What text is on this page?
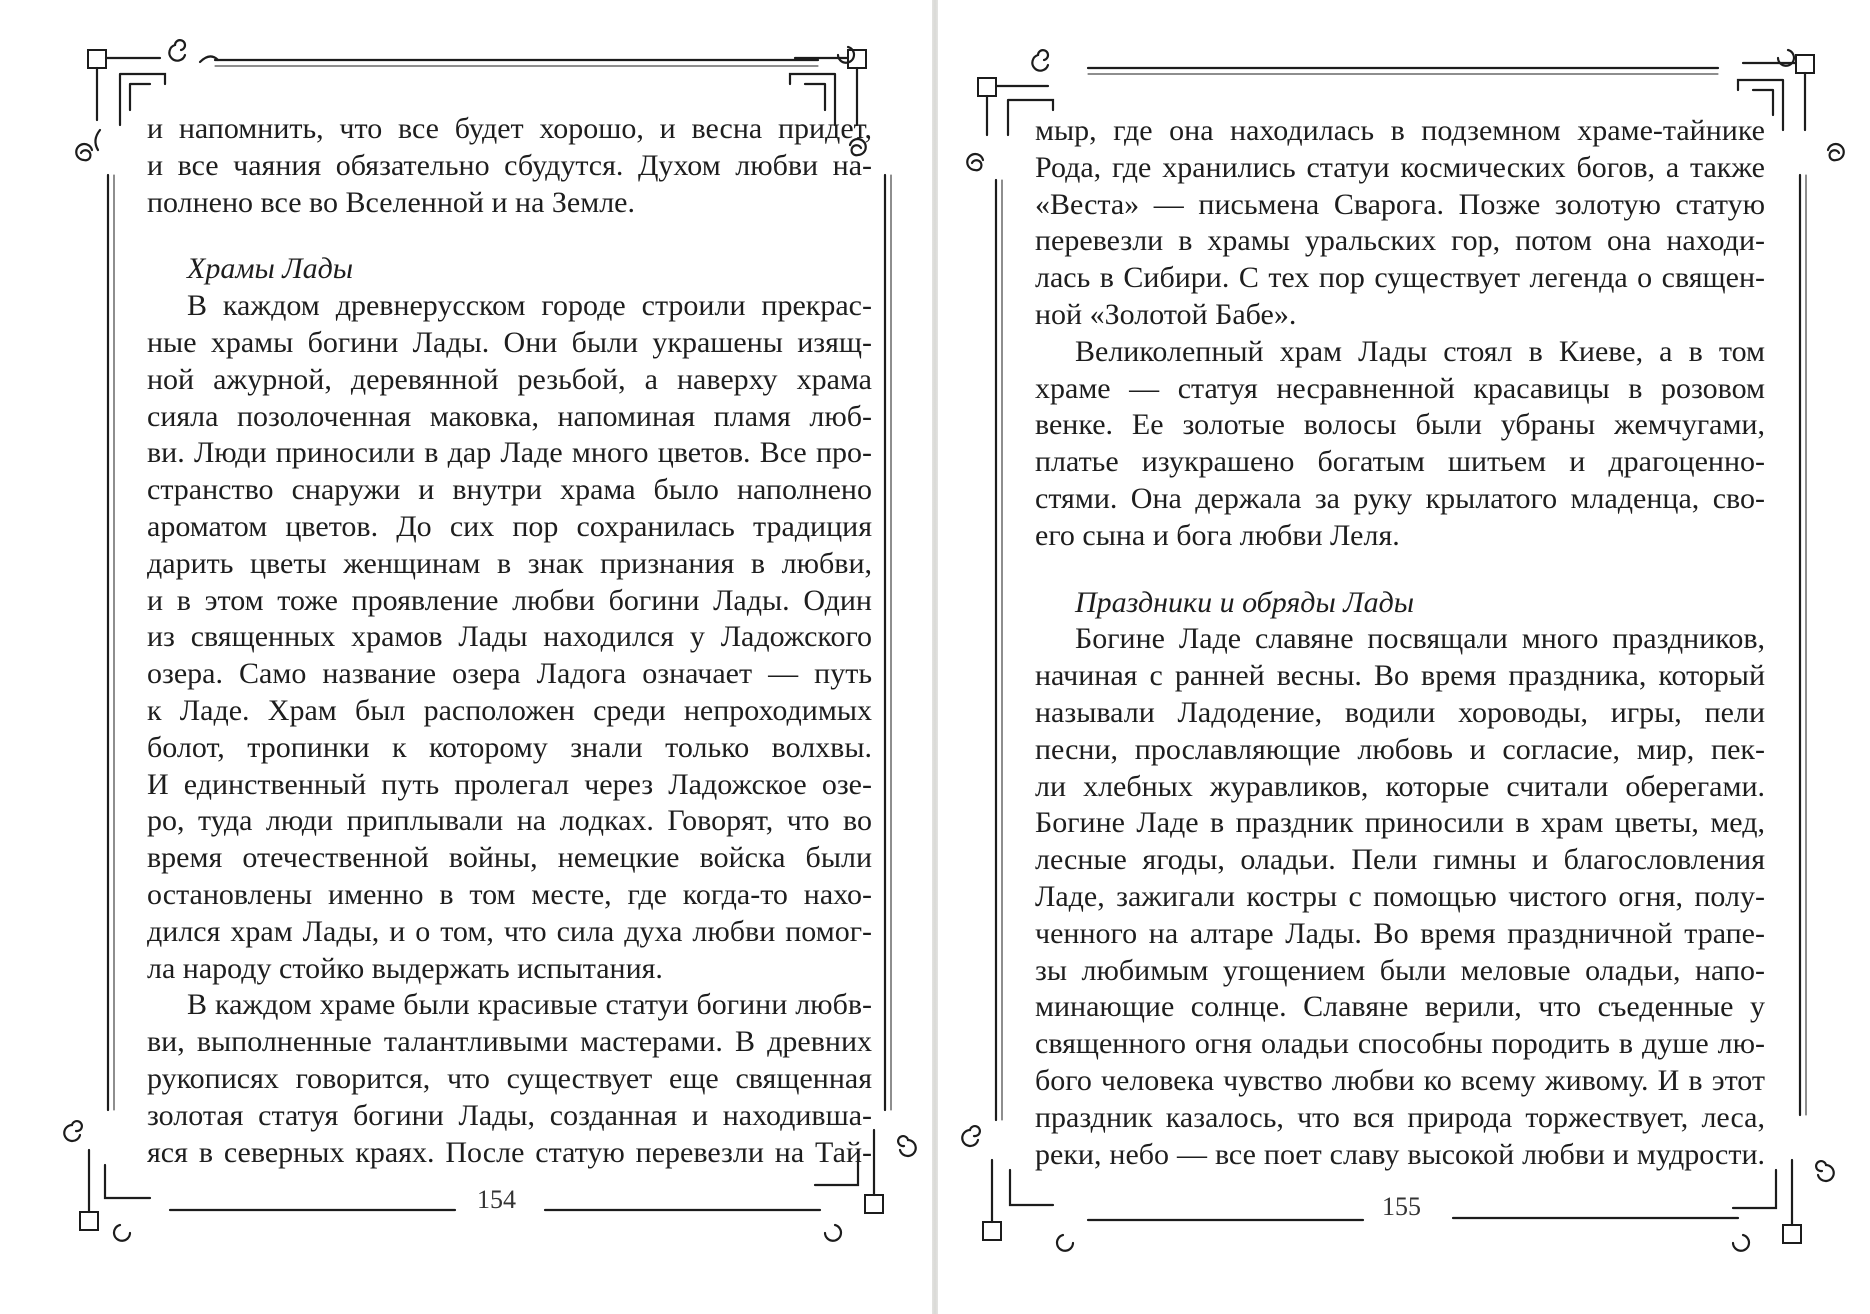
и напомнить, что все будет хорошо, и весна придет,

и все чаяния обязательно сбудутся. Духом любви на-

полнено все во Вселенной и на Земле.

Храмы Лады

В каждом древнерусском городе строили прекрас-

ные храмы богини Лады. Они были украшены изящ-

ной ажурной, деревянной резьбой, а наверху храма

сияла позолоченная маковка, напоминая пламя люб-

ви. Люди приносили в дар Ладе много цветов. Все про-

странство снаружи и внутри храма было наполнено

ароматом цветов. До сих пор сохранилась традиция

дарить цветы женщинам в знак признания в любви,

и в этом тоже проявление любви богини Лады. Один

из священных храмов Лады находился у Ладожского

озера. Само название озера Ладога означает — путь

к Ладе. Храм был расположен среди непроходимых

болот, тропинки к которому знали только волхвы.

И единственный путь пролегал через Ладожское озе-

ро, туда люди приплывали на лодках. Говорят, что во

время отечественной войны, немецкие войска были

остановлены именно в том месте, где когда-то нахо-

дился храм Лады, и о том, что сила духа любви помог-

ла народу стойко выдержать испытания.

В каждом храме были красивые статуи богини любв-

ви, выполненные талантливыми мастерами. В древних

рукописях говорится, что существует еще священная

золотая статуя богини Лады, созданная и находивша-

яся в северных краях. После статую перевезли на Тай-

154

мыр, где она находилась в подземном храме-тайнике

Рода, где хранились статуи космических богов, а также

«Веста» — письмена Сварога. Позже золотую статую

перевезли в храмы уральских гор, потом она находи-

лась в Сибири. С тех пор существует легенда о священ-

ной «Золотой Бабе».

Великолепный храм Лады стоял в Киеве, а в том

храме — статуя несравненной красавицы в розовом

венке. Ее золотые волосы были убраны жемчугами,

платье изукрашено богатым шитьем и драгоценно-

стями. Она держала за руку крылатого младенца, сво-

его сына и бога любви Леля.

Праздники и обряды Лады

Богине Ладе славяне посвящали много праздников,

начиная с ранней весны. Во время праздника, который

называли Ладодение, водили хороводы, игры, пели

песни, прославляющие любовь и согласие, мир, пек-

ли хлебных журавликов, которые считали оберегами.

Богине Ладе в праздник приносили в храм цветы, мед,

лесные ягоды, оладьи. Пели гимны и благословления

Ладе, зажигали костры с помощью чистого огня, полу-

ченного на алтаре Лады. Во время праздничной трапе-

зы любимым угощением были меловые оладьи, напо-

минающие солнце. Славяне верили, что съеденные у

священного огня оладьи способны породить в душе лю-

бого человека чувство любви ко всему живому. И в этот

праздник казалось, что вся природа торжествует, леса,

реки, небо — все поет славу высокой любви и мудрости.

155
